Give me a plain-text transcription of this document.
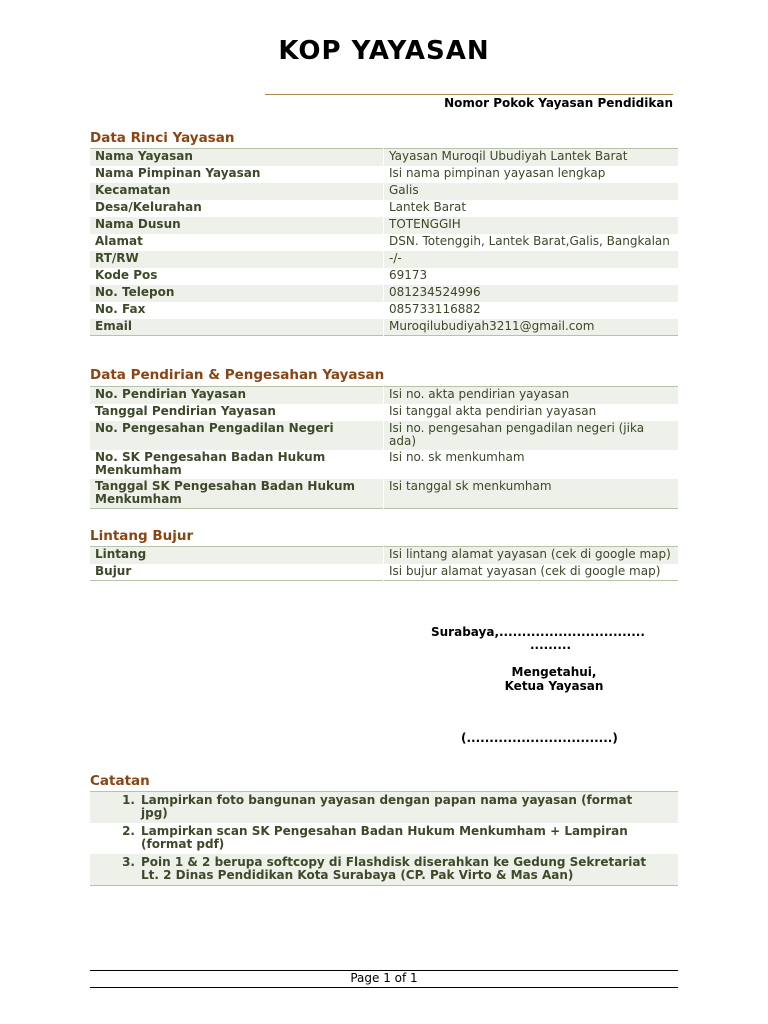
KOP YAYASAN
Nomor Pokok Yayasan Pendidikan
Data Rinci Yayasan
Nama Yayasan	Yayasan Muroqil Ubudiyah Lantek Barat
Nama Pimpinan Yayasan	Isi nama pimpinan yayasan lengkap
Kecamatan	Galis
Desa/Kelurahan	Lantek Barat
Nama Dusun	TOTENGGIH
Alamat	DSN. Totenggih, Lantek Barat,Galis, Bangkalan
RT/RW	-/-
Kode Pos	69173
No. Telepon	081234524996
No. Fax	085733116882
Email	Muroqilubudiyah3211@gmail.com
Data Pendirian & Pengesahan Yayasan
No. Pendirian Yayasan	Isi no. akta pendirian yayasan
Tanggal Pendirian Yayasan	Isi tanggal akta pendirian yayasan
No. Pengesahan Pengadilan Negeri	Isi no. pengesahan pengadilan negeri (jika ada)
No. SK Pengesahan Badan Hukum Menkumham	Isi no. sk menkumham
Tanggal SK Pengesahan Badan Hukum Menkumham	Isi tanggal sk menkumham
Lintang Bujur
Lintang	Isi lintang alamat yayasan (cek di google map)
Bujur	Isi bujur alamat yayasan (cek di google map)
Surabaya,................................
.........
Mengetahui,
Ketua Yayasan
(................................)
Catatan
1. Lampirkan foto bangunan yayasan dengan papan nama yayasan (format jpg)
2. Lampirkan scan SK Pengesahan Badan Hukum Menkumham + Lampiran (format pdf)
3. Poin 1 & 2 berupa softcopy di Flashdisk diserahkan ke Gedung Sekretariat Lt. 2 Dinas Pendidikan Kota Surabaya (CP. Pak Virto & Mas Aan)
Page 1 of 1
